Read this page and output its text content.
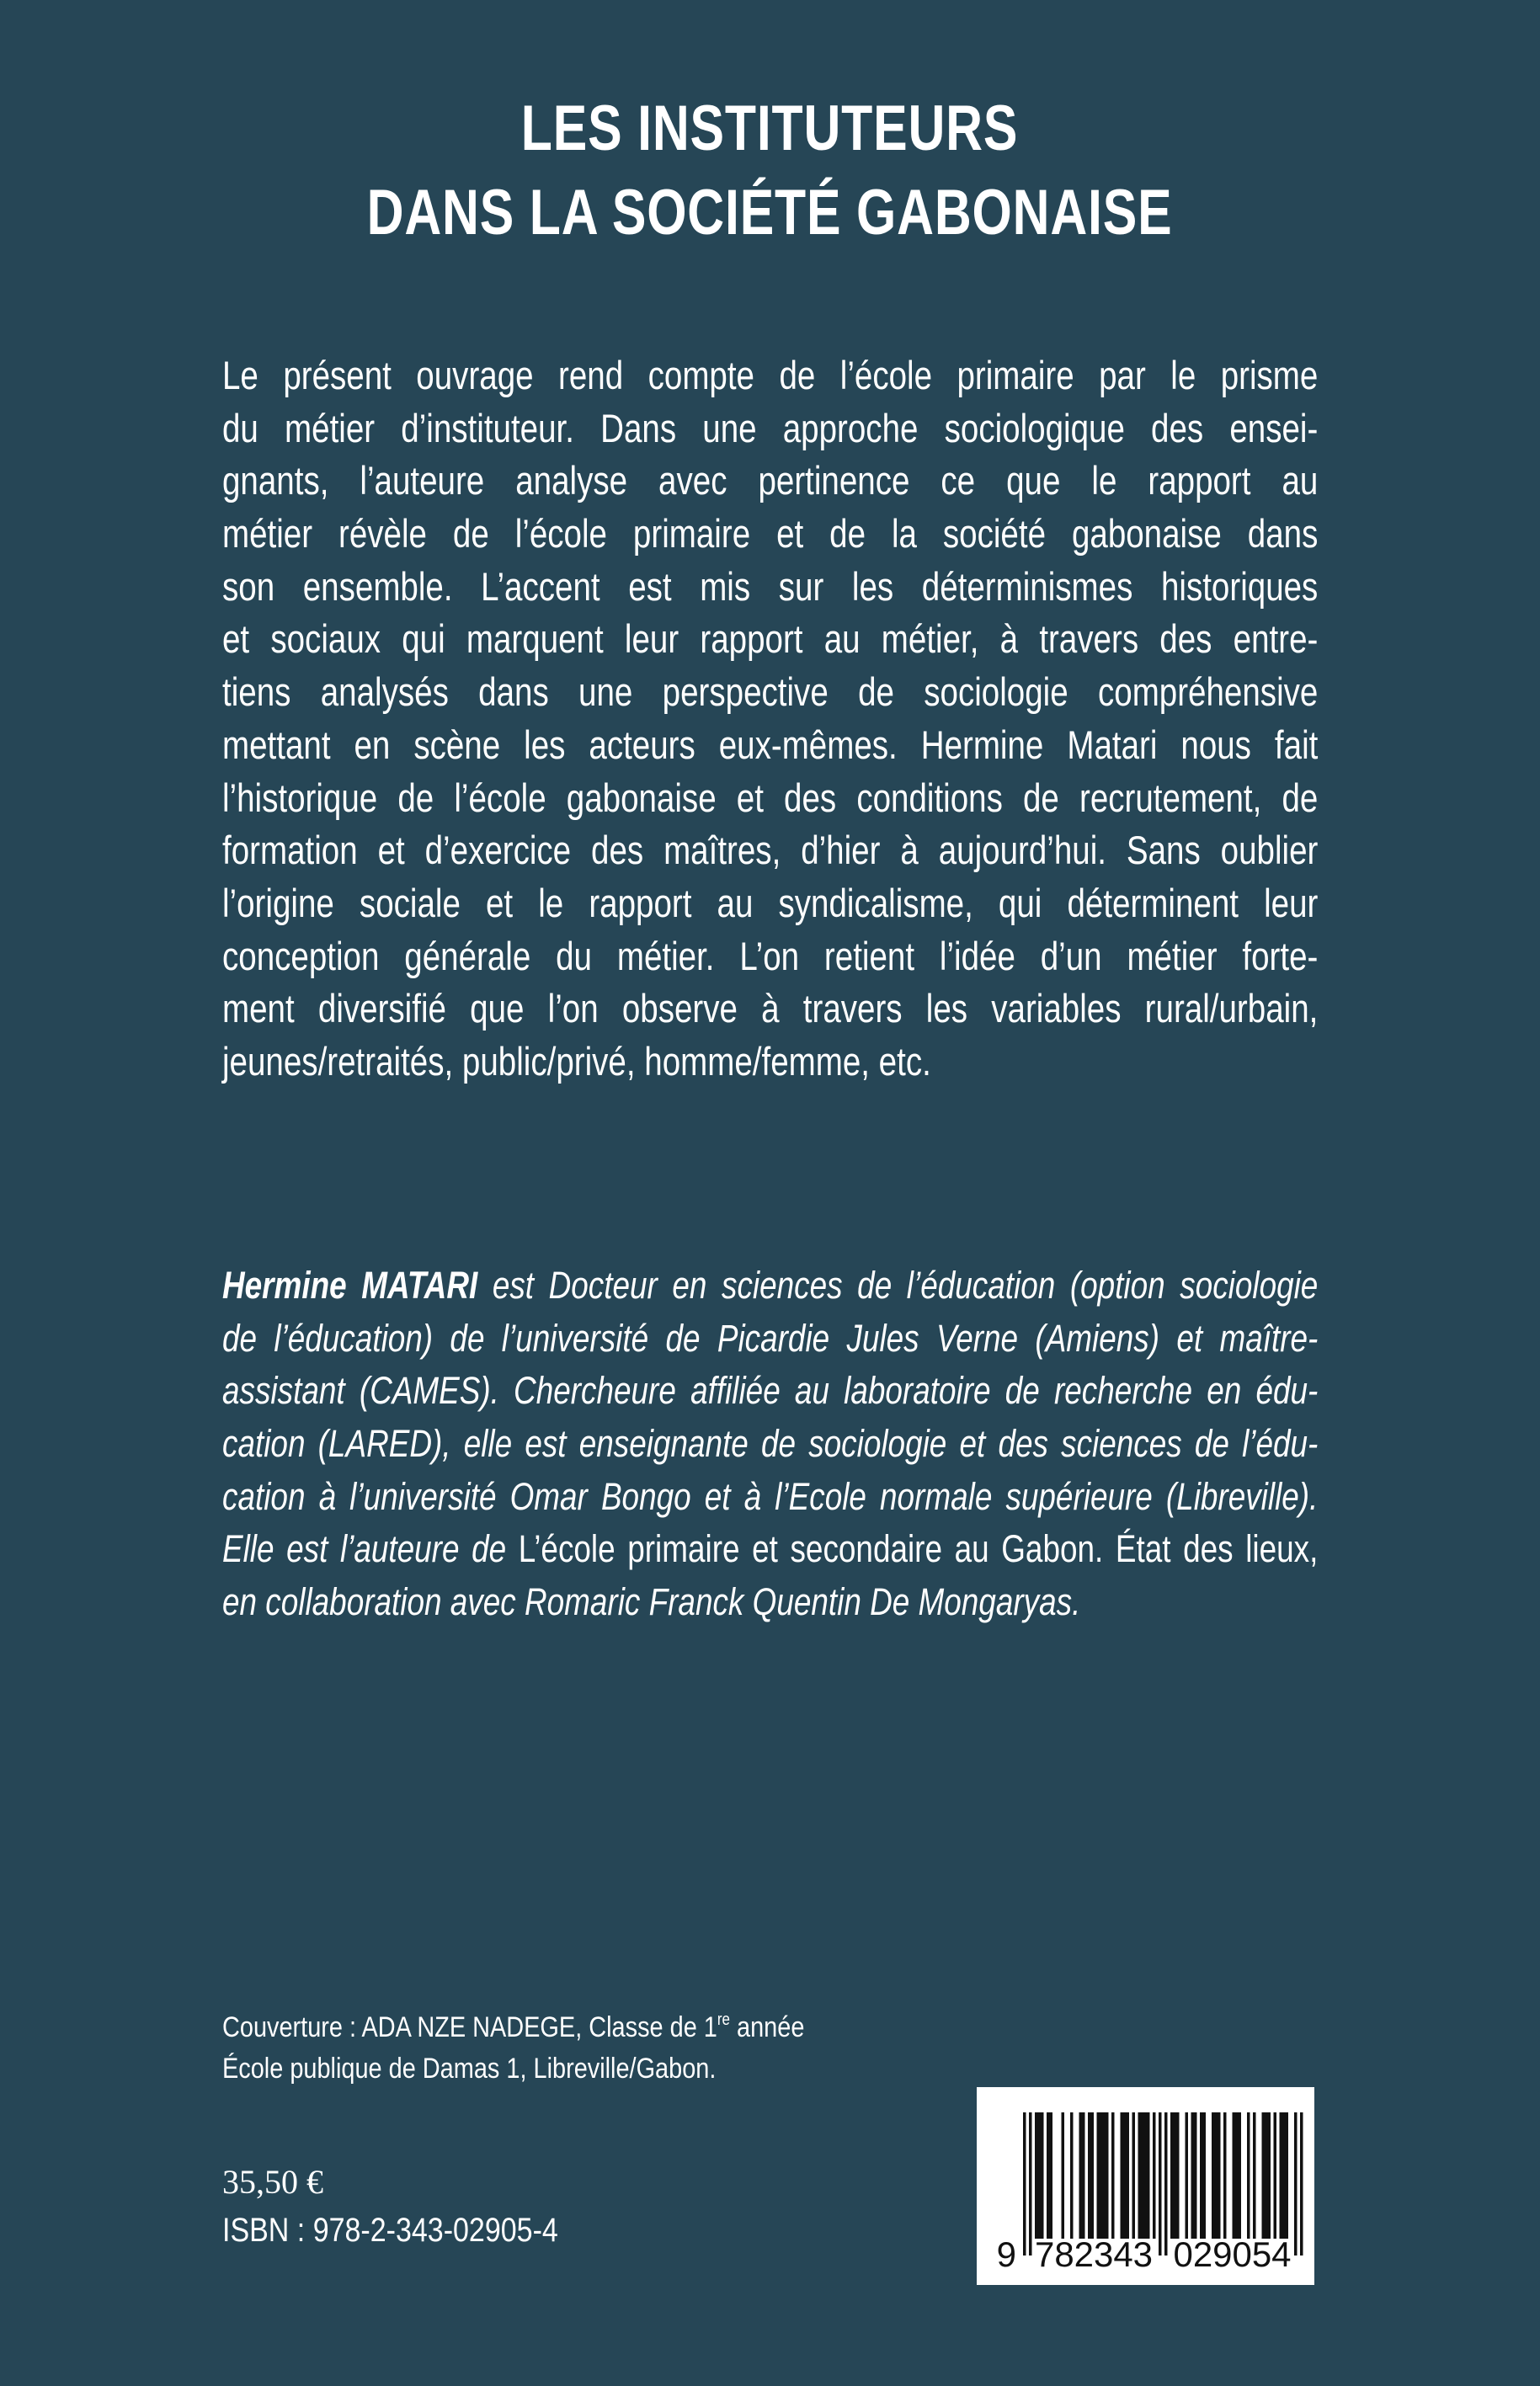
LES INSTITUTEURS
DANS LA SOCIÉTÉ GABONAISE
Le présent ouvrage rend compte de l’école primaire par le prisme
du métier d’instituteur. Dans une approche sociologique des ensei-
gnants, l’auteure analyse avec pertinence ce que le rapport au
métier révèle de l’école primaire et de la société gabonaise dans
son ensemble. L’accent est mis sur les déterminismes historiques
et sociaux qui marquent leur rapport au métier, à travers des entre-
tiens analysés dans une perspective de sociologie compréhensive
mettant en scène les acteurs eux-mêmes. Hermine Matari nous fait
l’historique de l’école gabonaise et des conditions de recrutement, de
formation et d’exercice des maîtres, d’hier à aujourd’hui. Sans oublier
l’origine sociale et le rapport au syndicalisme, qui déterminent leur
conception générale du métier. L’on retient l’idée d’un métier forte-
ment diversifié que l’on observe à travers les variables rural/urbain,
jeunes/retraités, public/privé, homme/femme, etc.
Hermine MATARI est Docteur en sciences de l’éducation (option sociologie
de l’éducation) de l’université de Picardie Jules Verne (Amiens) et maître-
assistant (CAMES). Chercheure affiliée au laboratoire de recherche en édu-
cation (LARED), elle est enseignante de sociologie et des sciences de l’édu-
cation à l’université Omar Bongo et à l’Ecole normale supérieure (Libreville).
Elle est l’auteure de L’école primaire et secondaire au Gabon. État des lieux,
en collaboration avec Romaric Franck Quentin De Mongaryas.
Couverture : ADA NZE NADEGE, Classe de 1re année
École publique de Damas 1, Libreville/Gabon.
35,50 €
ISBN : 978-2-343-02905-4
9 782343 029054
